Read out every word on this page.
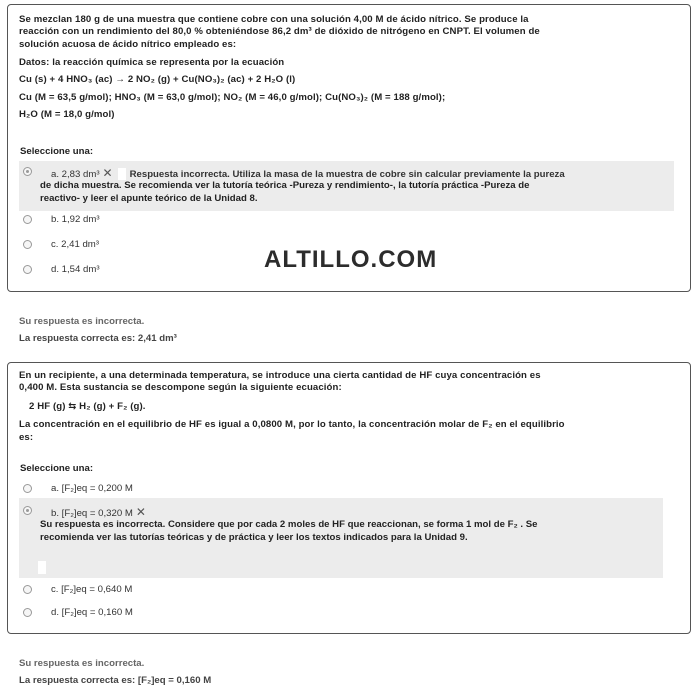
Se mezclan 180 g de una muestra que contiene cobre con una solución 4,00 M de ácido nítrico. Se produce la
reacción con un rendimiento del 80,0 % obteniéndose 86,2 dm³ de dióxido de nitrógeno en CNPT. El volumen de
solución acuosa de ácido nítrico empleado es:
Datos: la reacción química se representa por la ecuación
Cu (s) + 4 HNO₃ (ac) → 2 NO₂ (g) + Cu(NO₃)₂ (ac) + 2 H₂O (l)
Cu (M = 63,5 g/mol); HNO₃ (M = 63,0 g/mol); NO₂ (M = 46,0 g/mol); Cu(NO₃)₂ (M = 188 g/mol);
H₂O (M = 18,0 g/mol)
Seleccione una:
a. 2,83 dm³ ✕ Respuesta incorrecta. Utiliza la masa de la muestra de cobre sin calcular previamente la pureza
de dicha muestra. Se recomienda ver la tutoría teórica -Pureza y rendimiento-, la tutoría práctica -Pureza de
reactivo- y leer el apunte teórico de la Unidad 8.
b. 1,92 dm³
c. 2,41 dm³
d. 1,54 dm³	ALTILLO.COM
Su respuesta es incorrecta.
La respuesta correcta es: 2,41 dm³
En un recipiente, a una determinada temperatura, se introduce una cierta cantidad de HF cuya concentración es
0,400 M. Esta sustancia se descompone según la siguiente ecuación:
2 HF (g) ⇆ H₂ (g) + F₂ (g).
La concentración en el equilibrio de HF es igual a 0,0800 M, por lo tanto, la concentración molar de F₂ en el equilibrio
es:
Seleccione una:
a. [F₂]eq = 0,200 M
b. [F₂]eq = 0,320 M ✕
Su respuesta es incorrecta. Considere que por cada 2 moles de HF que reaccionan, se forma 1 mol de F₂ . Se
recomienda ver las tutorías teóricas y de práctica y leer los textos indicados para la Unidad 9.
c. [F₂]eq = 0,640 M
d. [F₂]eq = 0,160 M
Su respuesta es incorrecta.
La respuesta correcta es: [F₂]eq = 0,160 M
